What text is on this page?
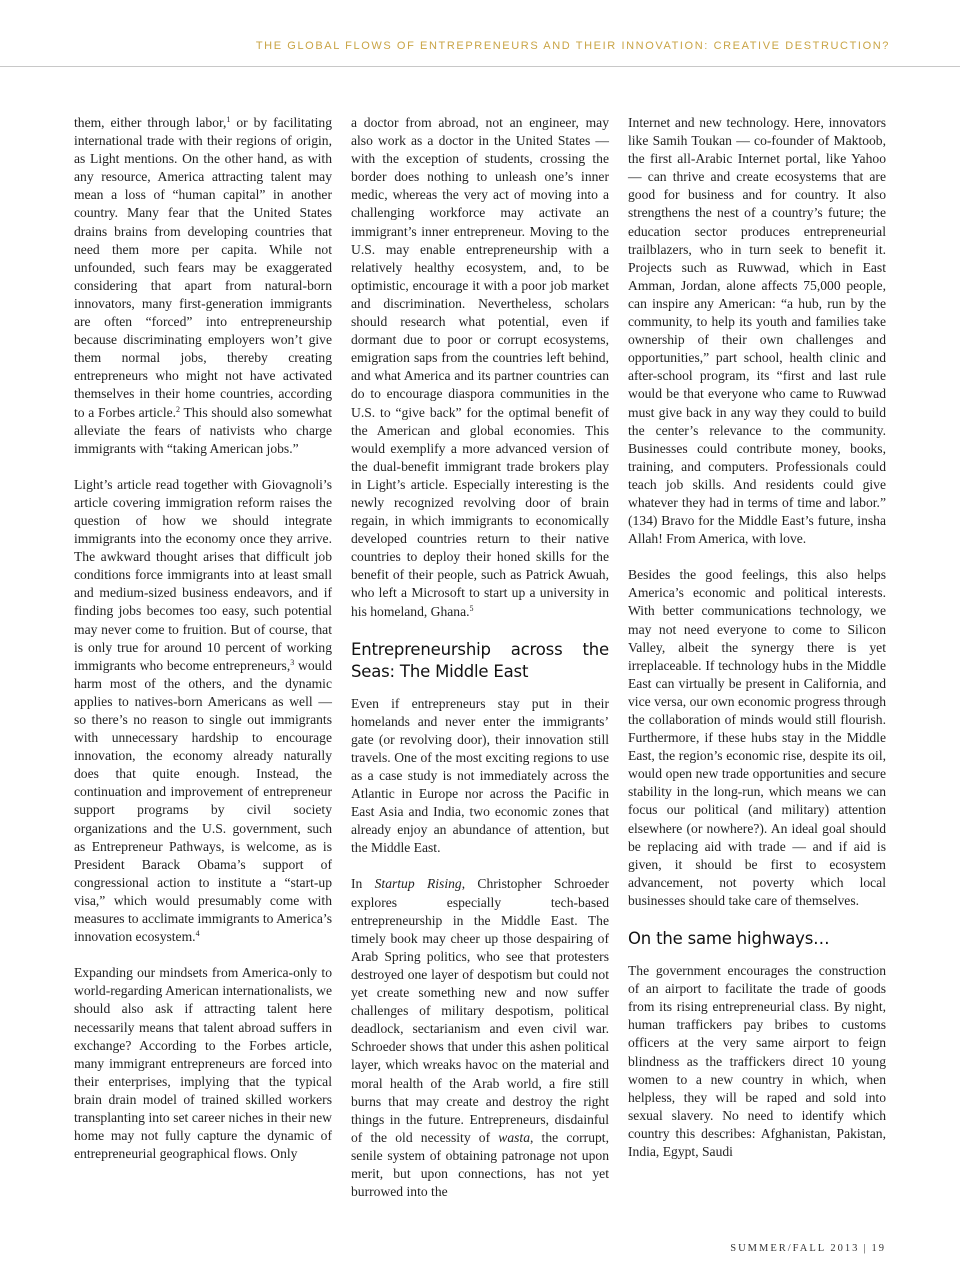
THE GLOBAL FLOWS OF ENTREPRENEURS AND THEIR INNOVATION: CREATIVE DESTRUCTION?

them, either through labor,$^1$ or by facilitating international trade with their regions of origin, as Light mentions. On the other hand, as with any resource, America attracting talent may mean a loss of “human capital” in another country. Many fear that the United States drains brains from developing countries that need them more per capita. While not unfounded, such fears may be exaggerated considering that apart from natural-born innovators, many first-generation immigrants are often “forced” into entrepreneurship because discriminating employers won’t give them normal jobs, thereby creating entrepreneurs who might not have activated themselves in their home countries, according to a Forbes article.$^2$ This should also somewhat alleviate the fears of nativists who charge immigrants with “taking American jobs.”

Light’s article read together with Giovagnoli’s article covering immigration reform raises the question of how we should integrate immigrants into the economy once they arrive. The awkward thought arises that difficult job conditions force immigrants into at least small and medium-sized business endeavors, and if finding jobs becomes too easy, such potential may never come to fruition. But of course, that is only true for around 10 percent of working immigrants who become entrepreneurs,$^3$ would harm most of the others, and the dynamic applies to natives-born Americans as well — so there’s no reason to single out immigrants with unnecessary hardship to encourage innovation, the economy already naturally does that quite enough. Instead, the continuation and improvement of entrepreneur support programs by civil society organizations and the U.S. government, such as Entrepreneur Pathways, is welcome, as is President Barack Obama’s support of congressional action to institute a “start-up visa,” which would presumably come with measures to acclimate immigrants to America’s innovation ecosystem.$^4$

Expanding our mindsets from America-only to world-regarding American internationalists, we should also ask if attracting talent here necessarily means that talent abroad suffers in exchange? According to the Forbes article, many immigrant entrepreneurs are forced into their enterprises, implying that the typical brain drain model of trained skilled workers transplanting into set career niches in their new home may not fully capture the dynamic of entrepreneurial geographical flows. Only

a doctor from abroad, not an engineer, may also work as a doctor in the United States — with the exception of students, crossing the border does nothing to unleash one’s inner medic, whereas the very act of moving into a challenging workforce may activate an immigrant’s inner entrepreneur. Moving to the U.S. may enable entrepreneurship with a relatively healthy ecosystem, and, to be optimistic, encourage it with a poor job market and discrimination. Nevertheless, scholars should research what potential, even if dormant due to poor or corrupt ecosystems, emigration saps from the countries left behind, and what America and its partner countries can do to encourage diaspora communities in the U.S. to “give back” for the optimal benefit of the American and global economies. This would exemplify a more advanced version of the dual-benefit immigrant trade brokers play in Light’s article. Especially interesting is the newly recognized revolving door of brain regain, in which immigrants to economically developed countries return to their native countries to deploy their honed skills for the benefit of their people, such as Patrick Awuah, who left a Microsoft to start up a university in his homeland, Ghana.$^5$

Entrepreneurship across the Seas: The Middle East

Even if entrepreneurs stay put in their homelands and never enter the immigrants’ gate (or revolving door), their innovation still travels. One of the most exciting regions to use as a case study is not immediately across the Atlantic in Europe nor across the Pacific in East Asia and India, two economic zones that already enjoy an abundance of attention, but the Middle East.

In Startup Rising, Christopher Schroeder explores especially tech-based entrepreneurship in the Middle East. The timely book may cheer up those despairing of Arab Spring politics, who see that protesters destroyed one layer of despotism but could not yet create something new and now suffer challenges of military despotism, political deadlock, sectarianism and even civil war. Schroeder shows that under this ashen political layer, which wreaks havoc on the material and moral health of the Arab world, a fire still burns that may create and destroy the right things in the future. Entrepreneurs, disdainful of the old necessity of wasta, the corrupt, senile system of obtaining patronage not upon merit, but upon connections, has not yet burrowed into the

Internet and new technology. Here, innovators like Samih Toukan — co-founder of Maktoob, the first all-Arabic Internet portal, like Yahoo — can thrive and create ecosystems that are good for business and for country. It also strengthens the nest of a country’s future; the education sector produces entrepreneurial trailblazers, who in turn seek to benefit it. Projects such as Ruwwad, which in East Amman, Jordan, alone affects 75,000 people, can inspire any American: “a hub, run by the community, to help its youth and families take ownership of their own challenges and opportunities,” part school, health clinic and after-school program, its “first and last rule would be that everyone who came to Ruwwad must give back in any way they could to build the center’s relevance to the community. Businesses could contribute money, books, training, and computers. Professionals could teach job skills. And residents could give whatever they had in terms of time and labor.” (134) Bravo for the Middle East’s future, insha Allah! From America, with love.

Besides the good feelings, this also helps America’s economic and political interests. With better communications technology, we may not need everyone to come to Silicon Valley, albeit the synergy there is yet irreplaceable. If technology hubs in the Middle East can virtually be present in California, and vice versa, our own economic progress through the collaboration of minds would still flourish. Furthermore, if these hubs stay in the Middle East, the region’s economic rise, despite its oil, would open new trade opportunities and secure stability in the long-run, which means we can focus our political (and military) attention elsewhere (or nowhere?). An ideal goal should be replacing aid with trade — and if aid is given, it should be first to ecosystem advancement, not poverty which local businesses should take care of themselves.

On the same highways…

The government encourages the construction of an airport to facilitate the trade of goods from its rising entrepreneurial class. By night, human traffickers pay bribes to customs officers at the very same airport to feign blindness as the traffickers direct 10 young women to a new country in which, when helpless, they will be raped and sold into sexual slavery. No need to identify which country this describes: Afghanistan, Pakistan, India, Egypt, Saudi

SUMMER/FALL 2013 | 19
